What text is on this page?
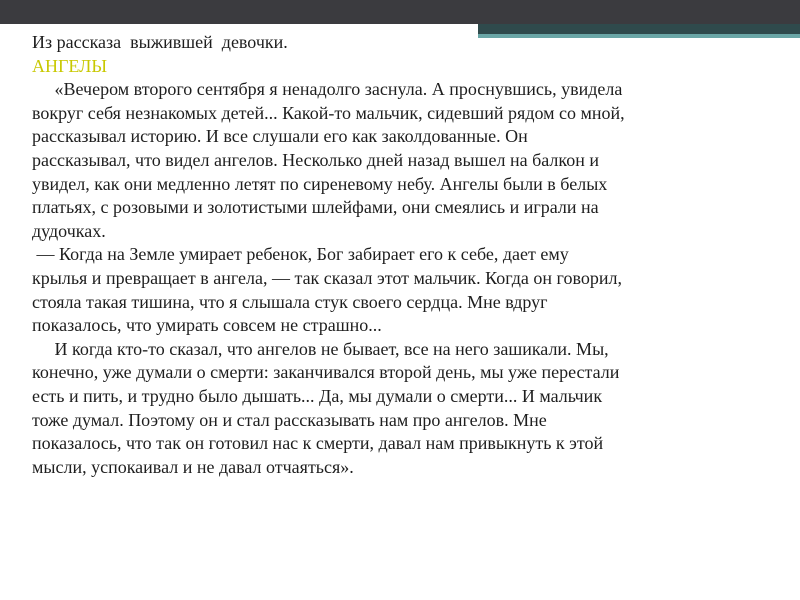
Из рассказа  выжившей  девочки.

АНГЕЛЫ

«Вечером второго сентября я ненадолго заснула. А проснувшись, увидела

вокруг себя незнакомых детей... Какой-то мальчик, сидевший рядом со мной,

рассказывал историю. И все слушали его как заколдованные. Он

рассказывал, что видел ангелов. Несколько дней назад вышел на балкон и

увидел, как они медленно летят по сиреневому небу. Ангелы были в белых

платьях, с розовыми и золотистыми шлейфами, они смеялись и играли на

дудочках.

— Когда на Земле умирает ребенок, Бог забирает его к себе, дает ему

крылья и превращает в ангела, — так сказал этот мальчик. Когда он говорил,

стояла такая тишина, что я слышала стук своего сердца. Мне вдруг

показалось, что умирать совсем не страшно...

И когда кто-то сказал, что ангелов не бывает, все на него зашикали. Мы,

конечно, уже думали о смерти: заканчивался второй день, мы уже перестали

есть и пить, и трудно было дышать... Да, мы думали о смерти... И мальчик

тоже думал. Поэтому он и стал рассказывать нам про ангелов. Мне

показалось, что так он готовил нас к смерти, давал нам привыкнуть к этой

мысли, успокаивал и не давал отчаяться».
